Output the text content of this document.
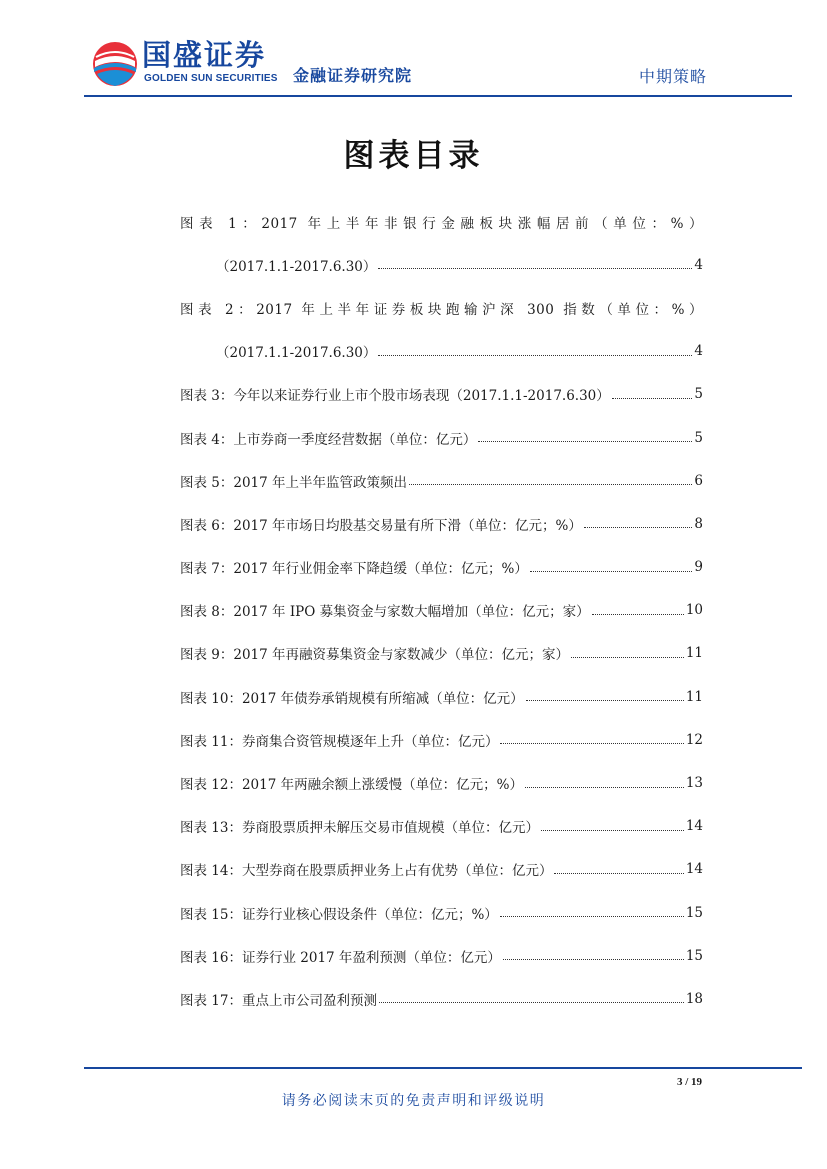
国盛证券
GOLDEN SUN SECURITIES 金融证券研究院	中期策略
图表目录
图表 1：2017 年上半年非银行金融板块涨幅居前（单位：%）
（2017.1.1-2017.6.30）	4
图表 2：2017 年上半年证券板块跑输沪深 300 指数（单位：%）
（2017.1.1-2017.6.30）	4
图表 3：今年以来证券行业上市个股市场表现（2017.1.1-2017.6.30）	5
图表 4：上市券商一季度经营数据（单位：亿元）	5
图表 5：2017 年上半年监管政策频出	6
图表 6：2017 年市场日均股基交易量有所下滑（单位：亿元；%）	8
图表 7：2017 年行业佣金率下降趋缓（单位：亿元；%）	9
图表 8：2017 年 IPO 募集资金与家数大幅增加（单位：亿元；家）	10
图表 9：2017 年再融资募集资金与家数减少（单位：亿元；家）	11
图表 10：2017 年债券承销规模有所缩减（单位：亿元）	11
图表 11：券商集合资管规模逐年上升（单位：亿元）	12
图表 12：2017 年两融余额上涨缓慢（单位：亿元；%）	13
图表 13：券商股票质押未解压交易市值规模（单位：亿元）	14
图表 14：大型券商在股票质押业务上占有优势（单位：亿元）	14
图表 15：证券行业核心假设条件（单位：亿元；%）	15
图表 16：证券行业 2017 年盈利预测（单位：亿元）	15
图表 17：重点上市公司盈利预测	18
3 / 19
请务必阅读末页的免责声明和评级说明
